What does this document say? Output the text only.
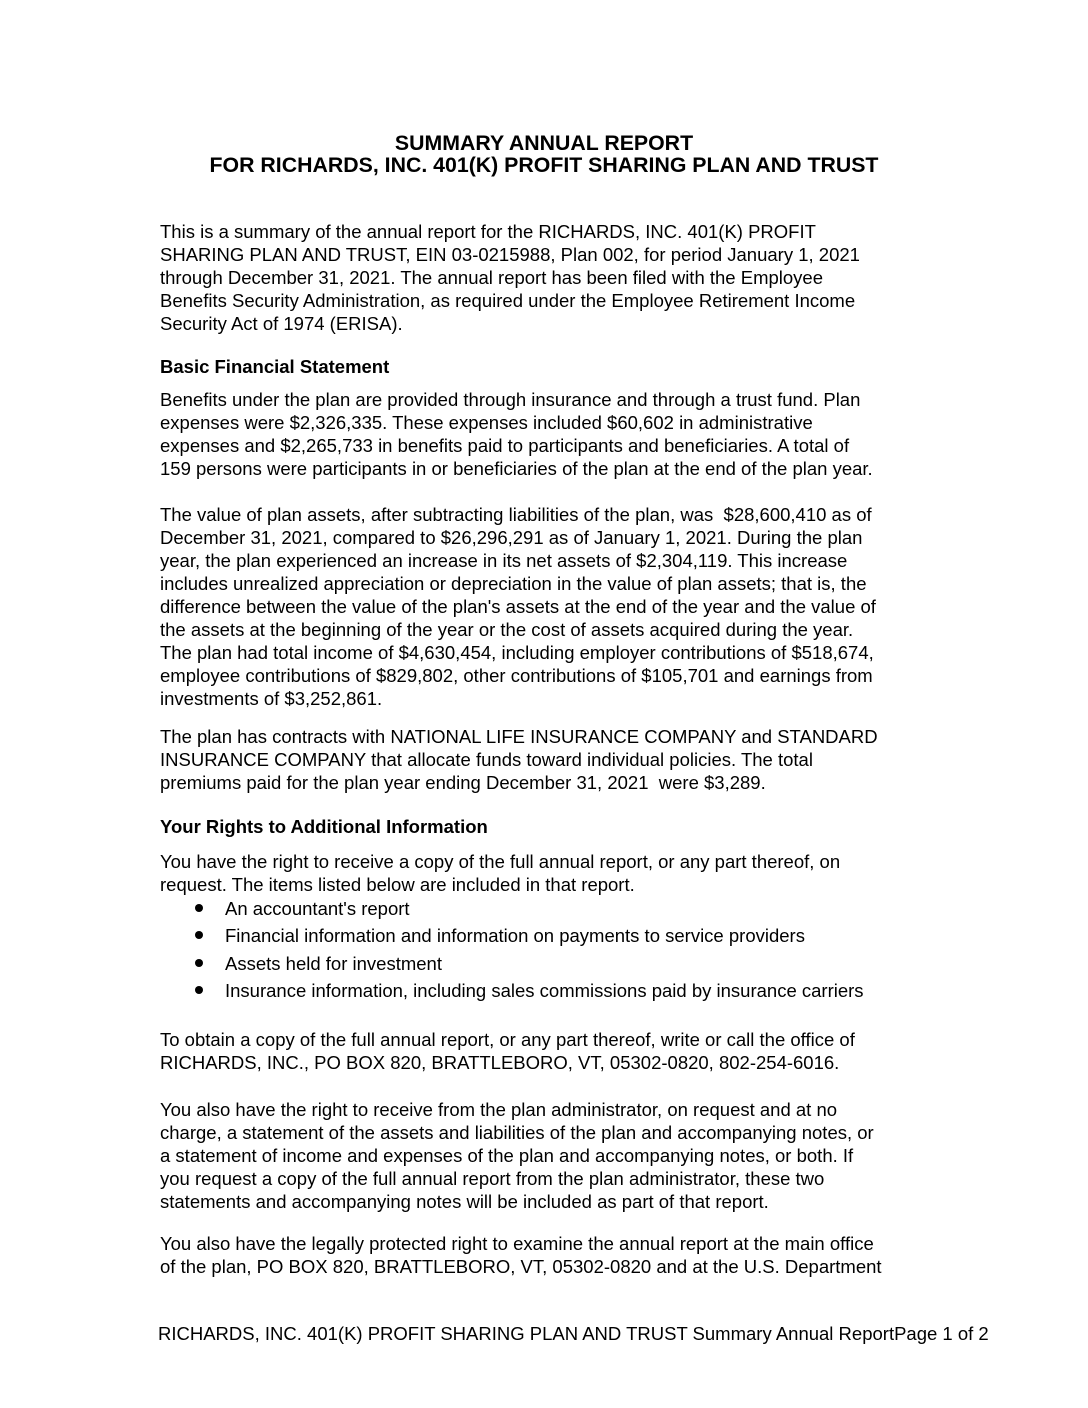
SUMMARY ANNUAL REPORT
FOR RICHARDS, INC. 401(K) PROFIT SHARING PLAN AND TRUST
This is a summary of the annual report for the RICHARDS, INC. 401(K) PROFIT
SHARING PLAN AND TRUST, EIN 03-0215988, Plan 002, for period January 1, 2021
through December 31, 2021. The annual report has been filed with the Employee
Benefits Security Administration, as required under the Employee Retirement Income
Security Act of 1974 (ERISA).
Basic Financial Statement
Benefits under the plan are provided through insurance and through a trust fund. Plan
expenses were $2,326,335. These expenses included $60,602 in administrative
expenses and $2,265,733 in benefits paid to participants and beneficiaries. A total of
159 persons were participants in or beneficiaries of the plan at the end of the plan year.
The value of plan assets, after subtracting liabilities of the plan, was  $28,600,410 as of
December 31, 2021, compared to $26,296,291 as of January 1, 2021. During the plan
year, the plan experienced an increase in its net assets of $2,304,119. This increase
includes unrealized appreciation or depreciation in the value of plan assets; that is, the
difference between the value of the plan's assets at the end of the year and the value of
the assets at the beginning of the year or the cost of assets acquired during the year.
The plan had total income of $4,630,454, including employer contributions of $518,674,
employee contributions of $829,802, other contributions of $105,701 and earnings from
investments of $3,252,861.
The plan has contracts with NATIONAL LIFE INSURANCE COMPANY and STANDARD
INSURANCE COMPANY that allocate funds toward individual policies. The total
premiums paid for the plan year ending December 31, 2021  were $3,289.
Your Rights to Additional Information
You have the right to receive a copy of the full annual report, or any part thereof, on
request. The items listed below are included in that report.
An accountant's report
Financial information and information on payments to service providers
Assets held for investment
Insurance information, including sales commissions paid by insurance carriers
To obtain a copy of the full annual report, or any part thereof, write or call the office of
RICHARDS, INC., PO BOX 820, BRATTLEBORO, VT, 05302-0820, 802-254-6016.
You also have the right to receive from the plan administrator, on request and at no
charge, a statement of the assets and liabilities of the plan and accompanying notes, or
a statement of income and expenses of the plan and accompanying notes, or both. If
you request a copy of the full annual report from the plan administrator, these two
statements and accompanying notes will be included as part of that report.
You also have the legally protected right to examine the annual report at the main office
of the plan, PO BOX 820, BRATTLEBORO, VT, 05302-0820 and at the U.S. Department
RICHARDS, INC. 401(K) PROFIT SHARING PLAN AND TRUST Summary Annual ReportPage 1 of 2
